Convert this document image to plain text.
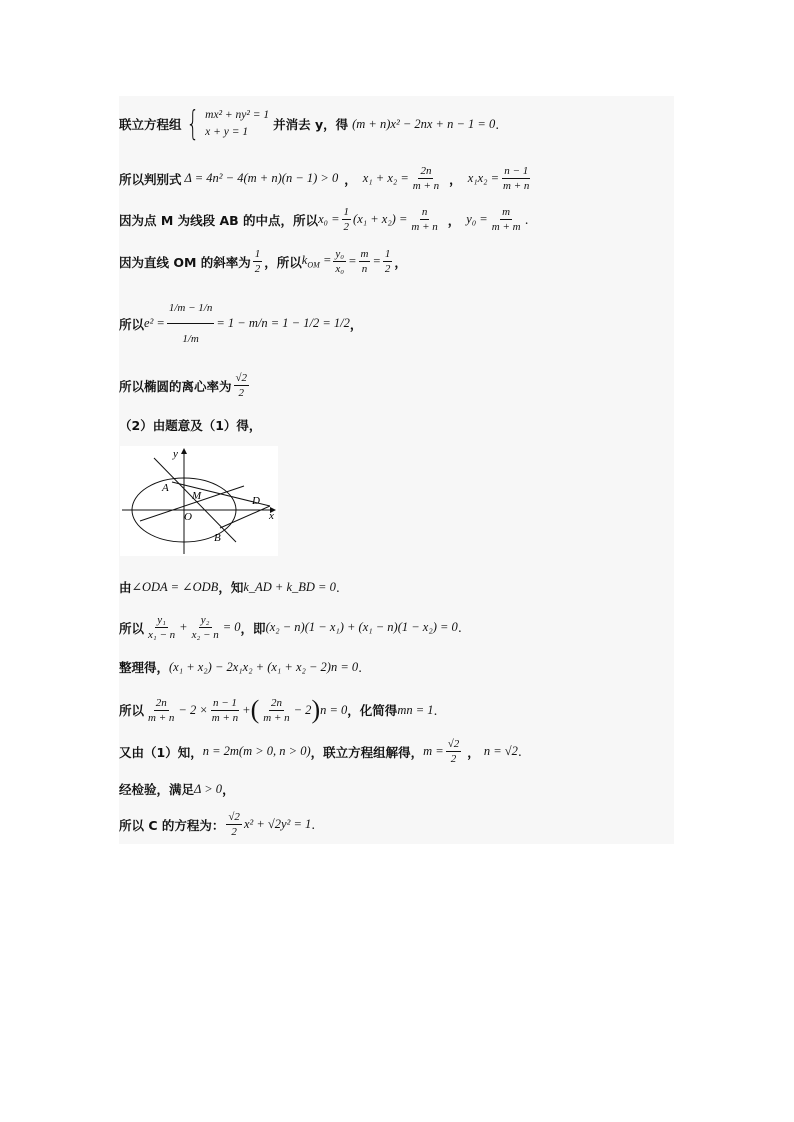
联立方程组 { mx² + ny² = 1
x + y = 1	并消去 y，得 (m + n)x² − 2nx + n − 1 = 0 .
所以判别式 Δ = 4n² − 4(m + n)(n − 1) > 0 ， $x_1 + x_2 = \frac{2n}{m + n}$ ， $x_1x_2 = \frac{n - 1}{m + n}$
因为点 M 为线段 AB 的中点，所以 $x_0 = \frac{1}{2} (x_1 + x_2) = \frac{n}{m + n}$ ， $y_0 = \frac{m}{m + m}$ .
因为直线 OM 的斜率为 $\frac{1}{2}$ ，所以 $k_{OM} = \frac{\text{y₀}}{\text{x₀}} = \frac{m}{n} = \frac{1}{2}$ ，
所以 $e^2 = \frac{1/m - 1/n}{1/m} = 1 - m/n = 1 - 1/2 = 1/2$ ，
所以椭圆的离心率为 $\frac{√2}{2}$
（2）由题意及（1）得，
y
x
A
M
O
D
B
由 ∠ODA = ∠ODB ，知 k_AD + k_BD = 0 .
所以 $\frac{\text{y₁}}{\text{x₁ − n}} + \frac{\text{y₂}}{\text{x₂ − n}} = 0$ ，即 (x₂ − n)(1 − x₁) + (x₁ − n)(1 − x₂) = 0 .
整理得， (x₁ + x₂) − 2x₁x₂ + (x₁ + x₂ − 2)n = 0 .
所以 $\frac{2n}{m + n} - 2 \times \frac{n - 1}{m + n}$ + ( $\frac{2n}{m + n} - 2$ ) n = 0 ，化简得 mn = 1 .
又由（1）知， n = 2m(m > 0, n > 0) ，联立方程组解得， $m = \frac{√2}{2}$ ， n = √2 .
经检验，满足 Δ > 0 ，
所以 C 的方程为： $\frac{√2}{2} x^2 + √2y^2 = 1$ .
